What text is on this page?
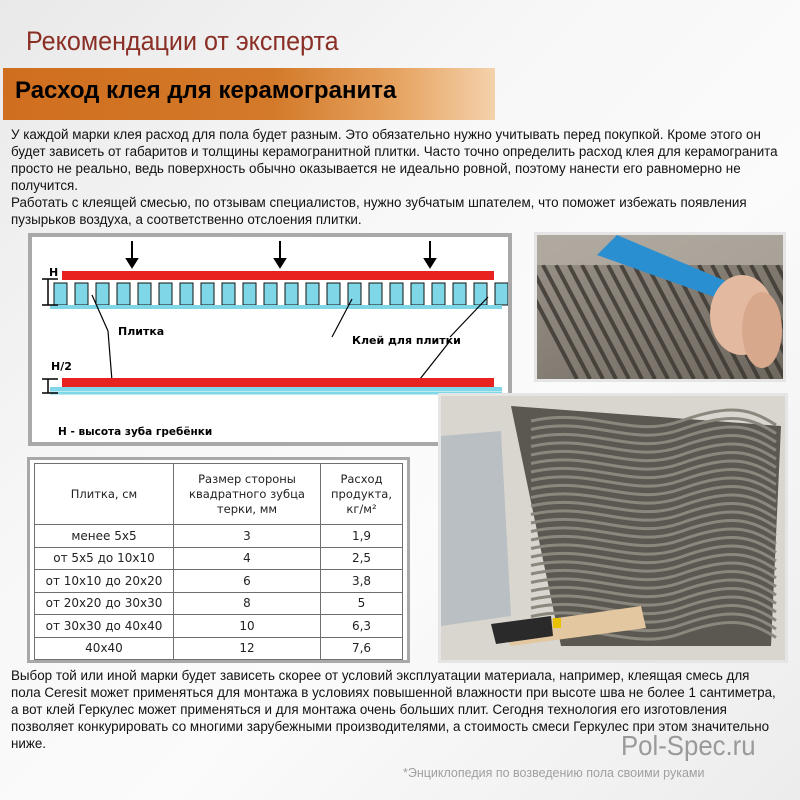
Рекомендации от эксперта
Расход клея для керамогранита

У каждой марки клея расход для пола будет разным. Это обязательно нужно учитывать перед покупкой. Кроме этого он будет зависеть от габаритов и толщины керамогранитной плитки. Часто точно определить расход клея для керамогранита просто не реально, ведь поверхность обычно оказывается не идеально ровной, поэтому нанести его равномерно не получится.

Работать с клеящей смесью, по отзывам специалистов, нужно зубчатым шпателем, что поможет избежать появления пузырьков воздуха, а соответственно отслоения плитки.

H
Плитка
Клей для плитки
H/2
H - высота зуба гребёнки
Плитка, см	Размер стороны квадратного зубца терки, мм	Расход продукта, кг/м²
менее 5х5	3	1,9
от 5х5 до 10х10	4	2,5
от 10х10 до 20х20	6	3,8
от 20х20 до 30х30	8	5
от 30х30 до 40х40	10	6,3
40х40	12	7,6

Выбор той или иной марки будет зависеть скорее от условий эксплуатации материала, например, клеящая смесь для пола Ceresit может применяться для монтажа в условиях повышенной влажности при высоте шва не более 1 сантиметра, а вот клей Геркулес может применяться и для монтажа очень больших плит. Сегодня технология его изготовления позволяет конкурировать со многими зарубежными производителями, а стоимость смеси Геркулес при этом значительно ниже.	Pol-Spec.ru
*Энциклопедия по возведению пола своими руками
